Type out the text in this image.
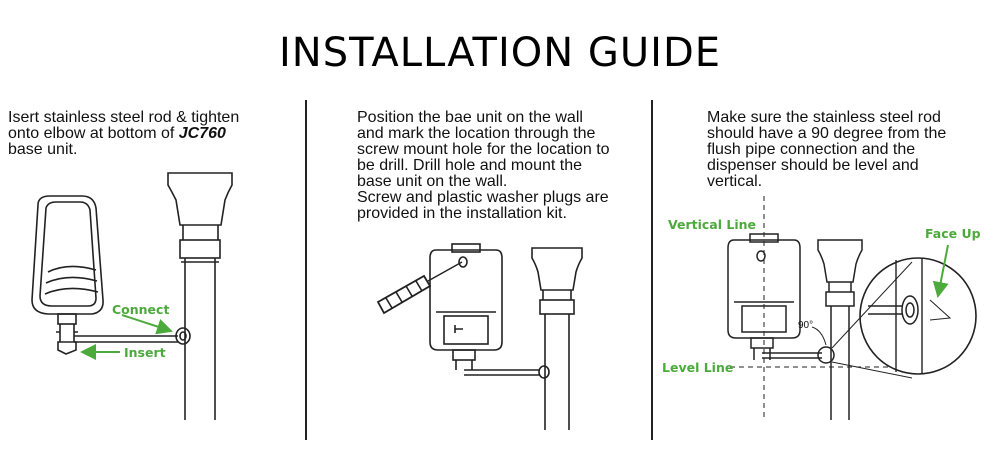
INSTALLATION GUIDE
Isert stainless steel rod & tighten
onto elbow at bottom of JC760
base unit.
Position the bae unit on the wall
and mark the location through the
screw mount hole for the location to
be drill. Drill hole and mount the
base unit on the wall.
Screw and plastic washer plugs are
provided in the installation kit.
Make sure the stainless steel rod
should have a 90 degree from the
flush pipe connection and the
dispenser should be level and
vertical.
Connect
Insert
Vertical Line
Face Up
Level Line
90°
